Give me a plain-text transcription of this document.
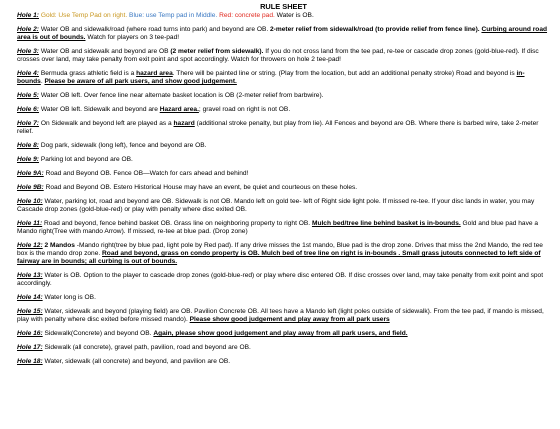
RULE SHEET
Hole 1: Gold: Use Temp Pad on right. Blue: use Temp pad in Middle. Red: concrete pad. Water is OB.
Hole 2: Water OB and sidewalk/road (where road turns into park) and beyond are OB. 2-meter relief from sidewalk/road (to provide relief from fence line). Curbing around road area is out of bounds. Watch for players on 3 tee-pad!
Hole 3: Water OB and sidewalk and beyond are OB (2 meter relief from sidewalk). If you do not cross land from the tee pad, re-tee or cascade drop zones (gold-blue-red). If disc crosses over land, may take penalty from exit point and spot accordingly. Watch for throwers on hole 2 tee-pad!
Hole 4: Bermuda grass athletic field is a hazard area. There will be painted line or string. (Play from the location, but add an additional penalty stroke) Road and beyond is in-bounds. Please be aware of all park users, and show good judgement.
Hole 5: Water OB left. Over fence line near alternate basket location is OB (2-meter relief from barbwire).
Hole 6: Water OB left. Sidewalk and beyond are Hazard area.; gravel road on right is not OB.
Hole 7: On Sidewalk and beyond left are played as a hazard (additional stroke penalty, but play from lie). All Fences and beyond are OB. Where there is barbed wire, take 2-meter relief.
Hole 8: Dog park, sidewalk (long left), fence and beyond are OB.
Hole 9: Parking lot and beyond are OB.
Hole 9A: Road and Beyond OB. Fence OB—Watch for cars ahead and behind!
Hole 9B: Road and Beyond OB. Estero Historical House may have an event, be quiet and courteous on these holes.
Hole 10: Water, parking lot, road and beyond are OB. Sidewalk is not OB. Mando left on gold tee- left of Right side light pole. If missed re-tee. If your disc lands in water, you may Cascade drop zones (gold-blue-red) or play with penalty where disc exited OB.
Hole 11: Road and beyond, fence behind basket OB. Grass line on neighboring property to right OB. Mulch bed/tree line behind basket is in-bounds. Gold and blue pad have a Mando right(Tree with mando Arrow). If missed, re-tee at blue pad. (Drop zone)
Hole 12: 2 Mandos -Mando right(tree by blue pad, light pole by Red pad). If any drive misses the 1st mando, Blue pad is the drop zone. Drives that miss the 2nd Mando, the red tee box is the mando drop zone. Road and beyond, grass on condo property is OB. Mulch bed of tree line on right is in-bounds . Small grass jutouts connected to left side of fairway are in bounds; all curbing is out of bounds.
Hole 13: Water is OB. Option to the player to cascade drop zones (gold-blue-red) or play where disc entered OB. If disc crosses over land, may take penalty from exit point and spot accordingly.
Hole 14: Water long is OB.
Hole 15: Water, sidewalk and beyond (playing field) are OB. Pavilion Concrete OB. All tees have a Mando left (light poles outside of sidewalk). From the tee pad, if mando is missed, play with penalty where disc exited before missed mando). Please show good judgement and play away from all park users
Hole 16: Sidewalk(Concrete) and beyond OB. Again, please show good judgement and play away from all park users, and field.
Hole 17: Sidewalk (all concrete), gravel path, pavilion, road and beyond are OB.
Hole 18: Water, sidewalk (all concrete) and beyond, and pavilion are OB.
